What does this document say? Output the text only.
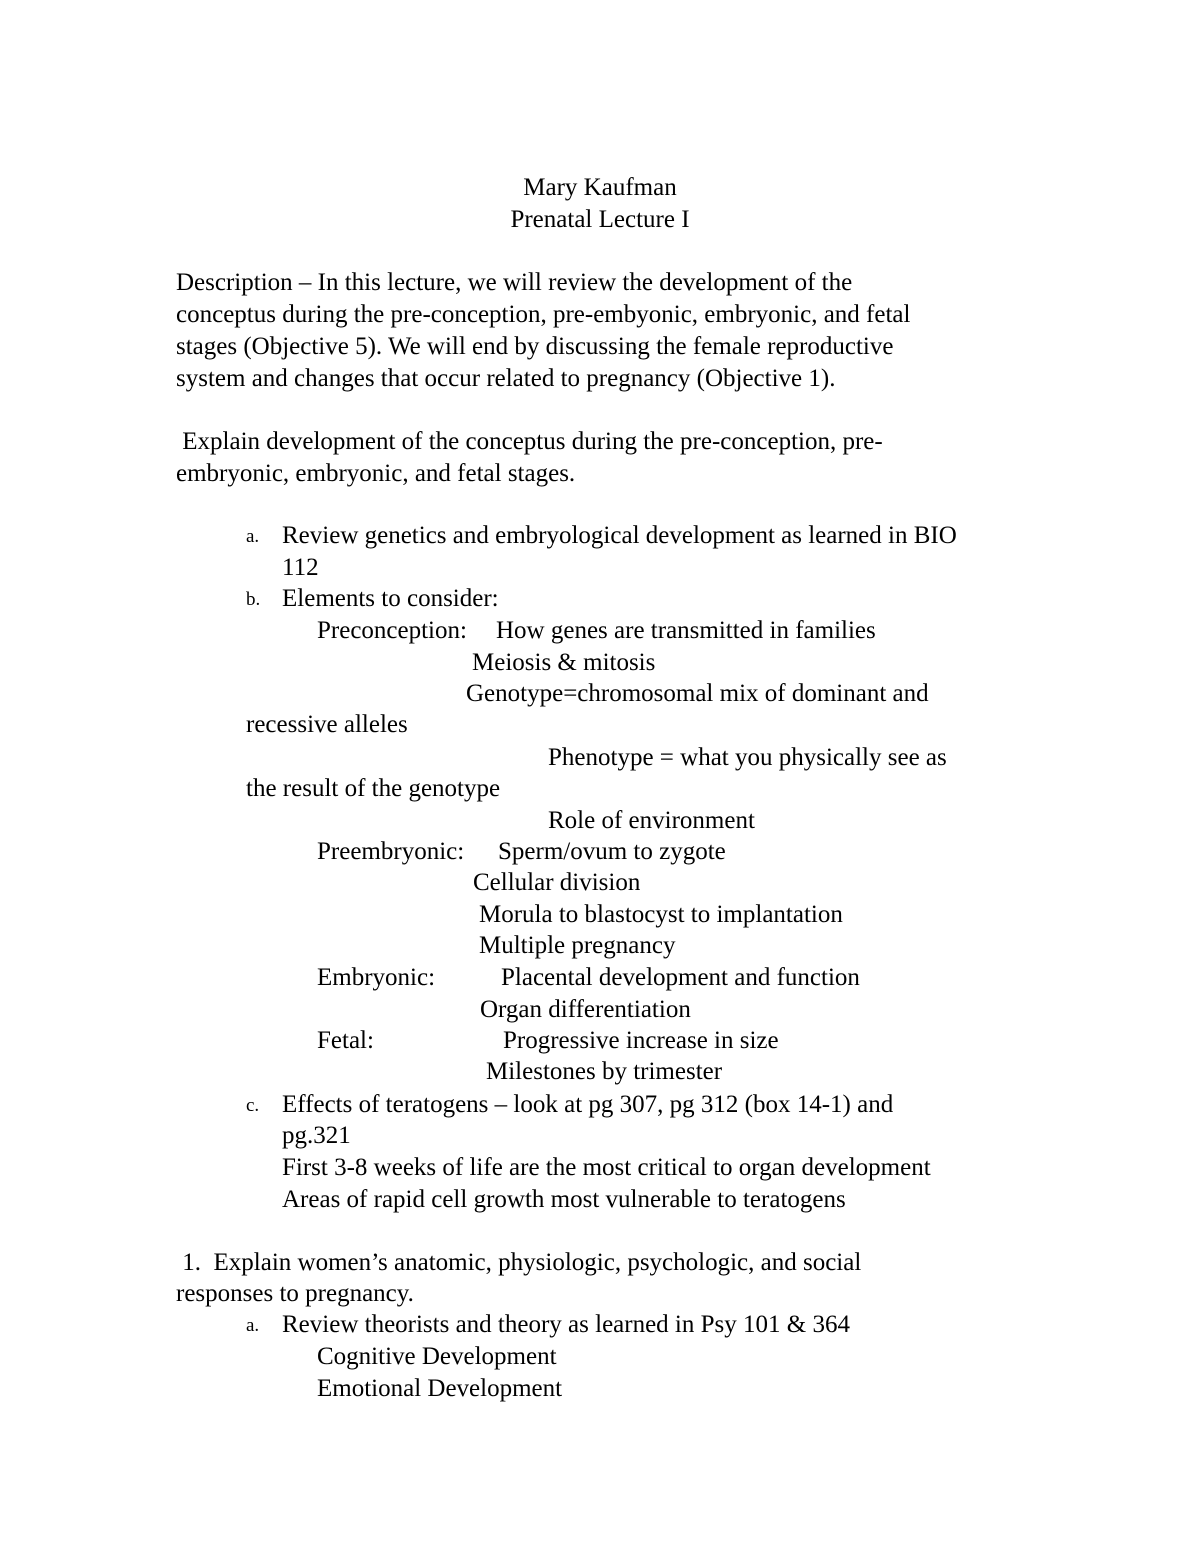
Mary Kaufman

Prenatal Lecture I

Description – In this lecture, we will review the development of the

conceptus during the pre-conception, pre-embyonic, embryonic, and fetal

stages (Objective 5). We will end by discussing the female reproductive

system and changes that occur related to pregnancy (Objective 1).

Explain development of the conceptus during the pre-conception, pre-

embryonic, embryonic, and fetal stages.

a. Review genetics and embryological development as learned in BIO

112

b. Elements to consider:

Preconception: How genes are transmitted in families

Meiosis & mitosis

Genotype=chromosomal mix of dominant and

recessive alleles

Phenotype = what you physically see as

the result of the genotype

Role of environment

Preembryonic: Sperm/ovum to zygote

Cellular division

Morula to blastocyst to implantation

Multiple pregnancy

Embryonic:	Placental development and function

Organ differentiation

Fetal:	Progressive increase in size

Milestones by trimester

c. Effects of teratogens – look at pg 307, pg 312 (box 14-1) and

pg.321

First 3-8 weeks of life are the most critical to organ development

Areas of rapid cell growth most vulnerable to teratogens

1.  Explain women’s anatomic, physiologic, psychologic, and social

responses to pregnancy.

a. Review theorists and theory as learned in Psy 101 & 364

Cognitive Development

Emotional Development
